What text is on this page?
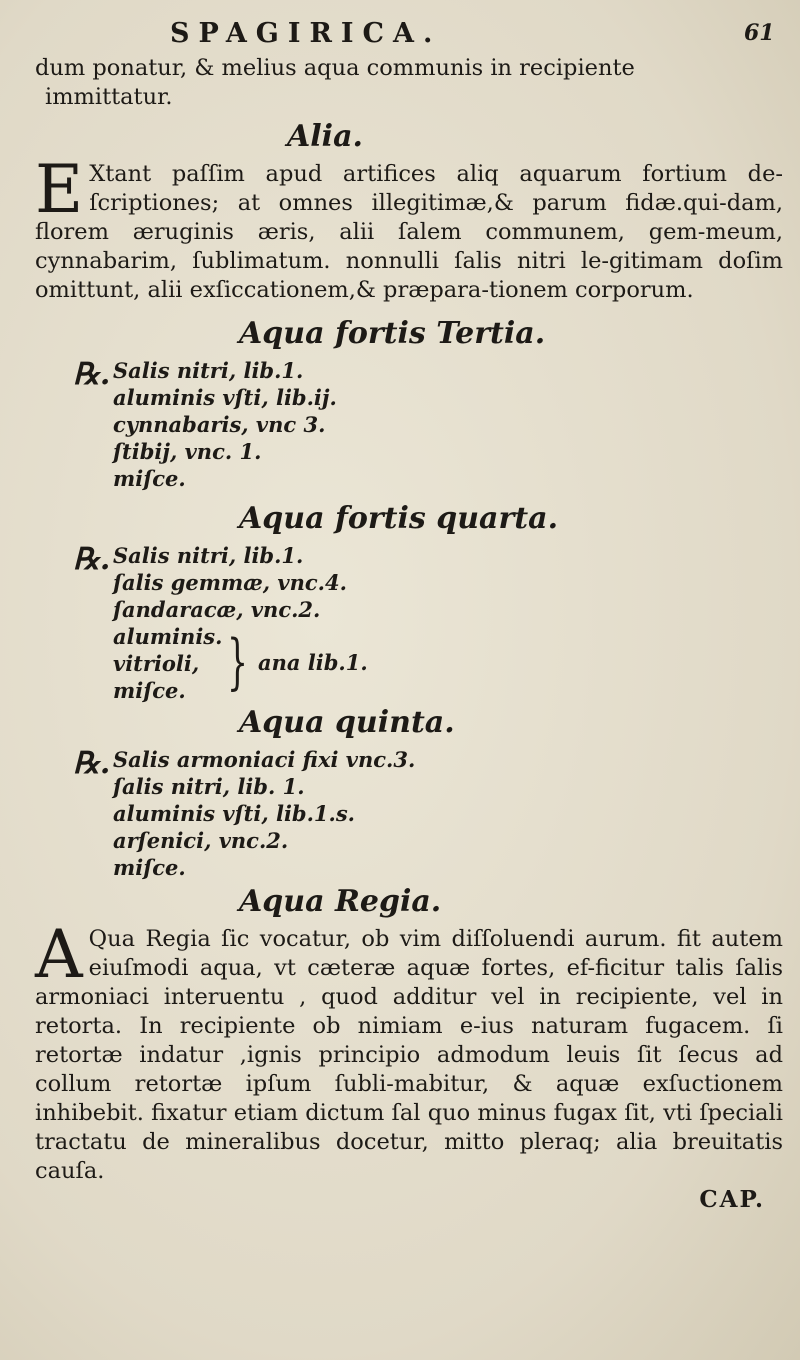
SPAGIRICA.	61

dum ponatur, & melius aqua communis in recipiente

immittatur.

Alia.

E Xtant paſſim apud artifices aliq aquarum fortium de-ſcriptiones; at omnes illegitimæ,& parum fidæ.qui-dam, florem æruginis æris, alii ſalem communem, gem-meum, cynnabarim, ſublimatum. nonnulli ſalis nitri le-gitimam doſim omittunt, alii exſiccationem,& præpara-tionem corporum.

Aqua fortis Tertia.
℞. Salis nitri, lib.1.
aluminis vſti, lib.ij.
cynnabaris, vnc 3.
ſtibij, vnc. 1.
miſce.
Aqua fortis quarta.
℞. Salis nitri, lib.1.
ſalis gemmæ, vnc.4.
ſandaracæ, vnc.2.
aluminis.
vitrioli,
miſce. } ana lib.1.
Aqua quinta.
℞. Salis armoniaci fixi vnc.3.
ſalis nitri, lib. 1.
aluminis vſti, lib.1.s.
arſenici, vnc.2.
miſce.
Aqua Regia.

A Qua Regia ſic vocatur, ob vim diſſoluendi aurum. fit autem eiuſmodi aqua, vt cæteræ aquæ fortes, ef-ficitur talis ſalis armoniaci interuentu , quod additur vel in recipiente, vel in retorta. In recipiente ob nimiam e-ius naturam fugacem. ſi retortæ indatur ,ignis principio admodum leuis ſit ſecus ad collum retortæ ipſum ſubli-mabitur, & aquæ exſuctionem inhibebit. fixatur etiam dictum ſal quo minus fugax ſit, vti ſpeciali tractatu de mineralibus docetur, mitto pleraq; alia breuitatis cauſa.

CAP.
